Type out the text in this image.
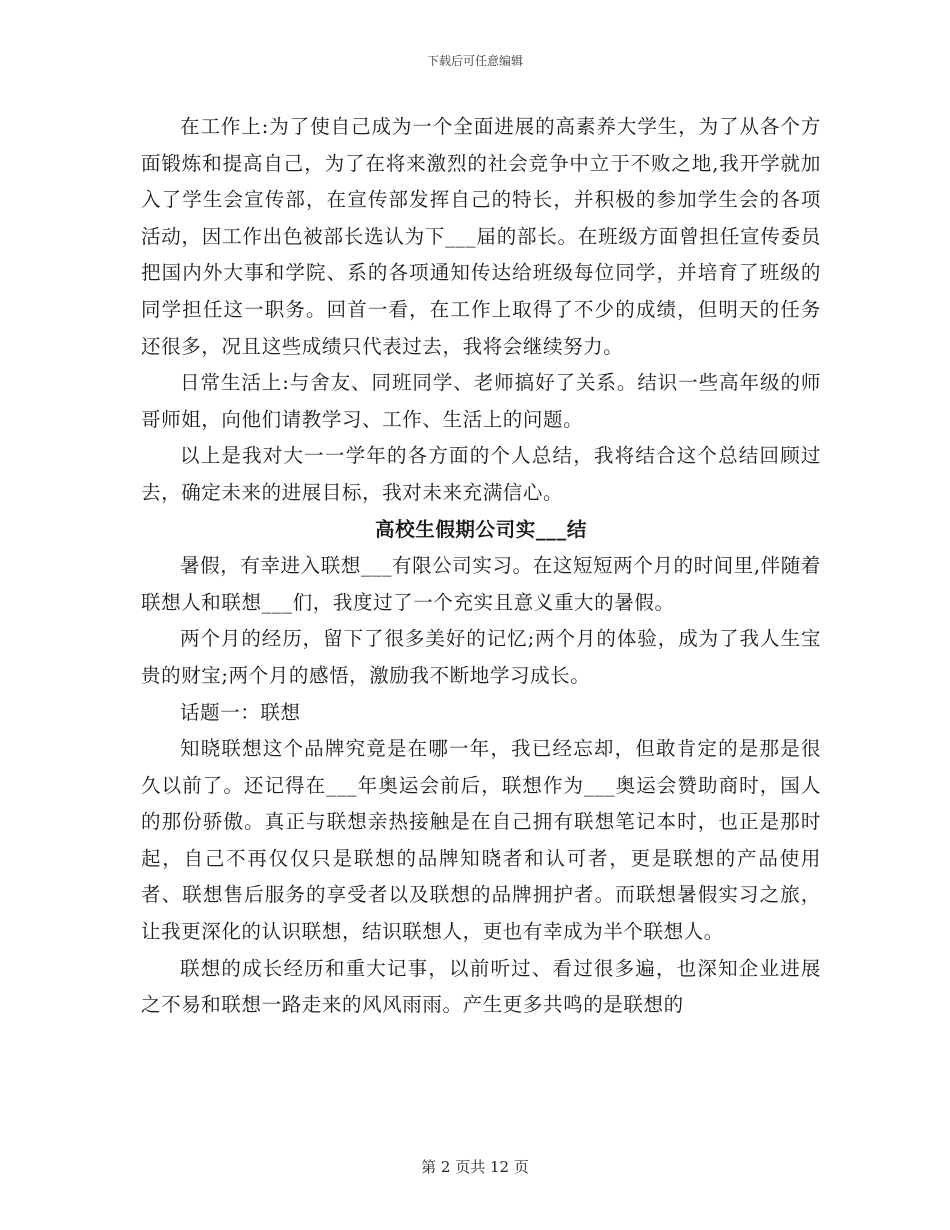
下载后可任意编辑

在工作上:为了使自己成为一个全面进展的高素养大学生，为了从各个方面锻炼和提高自己，为了在将来激烈的社会竞争中立于不败之地,我开学就加入了学生会宣传部，在宣传部发挥自己的特长，并积极的参加学生会的各项活动，因工作出色被部长选认为下___届的部长。在班级方面曾担任宣传委员把国内外大事和学院、系的各项通知传达给班级每位同学，并培育了班级的同学担任这一职务。回首一看，在工作上取得了不少的成绩，但明天的任务还很多，况且这些成绩只代表过去，我将会继续努力。

日常生活上:与舍友、同班同学、老师搞好了关系。结识一些高年级的师哥师姐，向他们请教学习、工作、生活上的问题。

以上是我对大一一学年的各方面的个人总结，我将结合这个总结回顾过去，确定未来的进展目标，我对未来充满信心。

高校生假期公司实___结

暑假，有幸进入联想___有限公司实习。在这短短两个月的时间里,伴随着联想人和联想___们，我度过了一个充实且意义重大的暑假。

两个月的经历，留下了很多美好的记忆;两个月的体验，成为了我人生宝贵的财宝;两个月的感悟，激励我不断地学习成长。

话题一：联想

知晓联想这个品牌究竟是在哪一年，我已经忘却，但敢肯定的是那是很久以前了。还记得在___年奥运会前后，联想作为___奥运会赞助商时，国人的那份骄傲。真正与联想亲热接触是在自己拥有联想笔记本时，也正是那时起，自己不再仅仅只是联想的品牌知晓者和认可者，更是联想的产品使用者、联想售后服务的享受者以及联想的品牌拥护者。而联想暑假实习之旅，让我更深化的认识联想，结识联想人，更也有幸成为半个联想人。

联想的成长经历和重大记事，以前听过、看过很多遍，也深知企业进展之不易和联想一路走来的风风雨雨。产生更多共鸣的是联想的

第 2 页共 12 页
